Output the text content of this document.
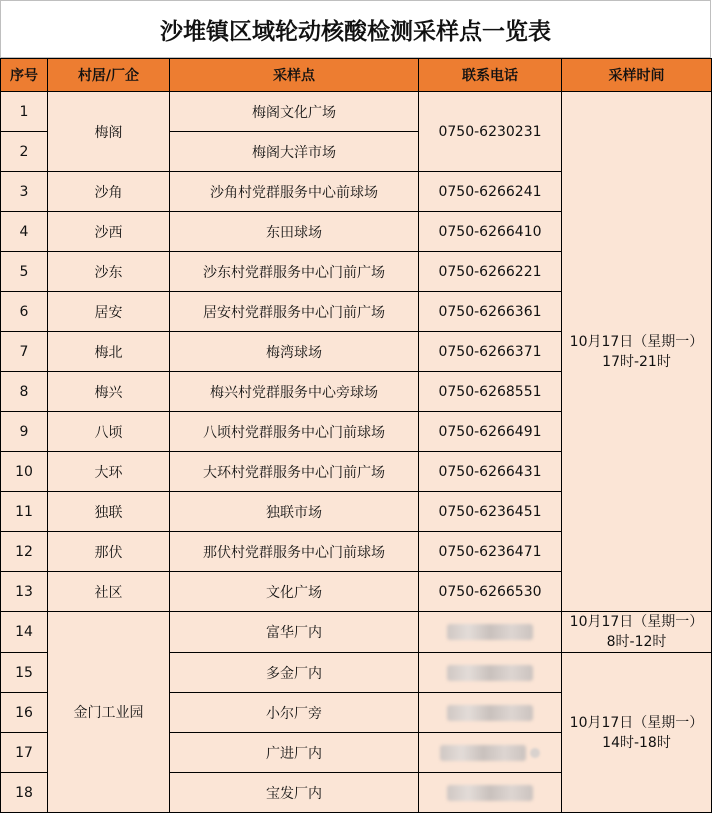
沙堆镇区域轮动核酸检测采样点一览表
序号	村居/厂企	采样点	联系电话	采样时间
1	梅阁	梅阁文化广场	0750-6230231	10月17日（星期一）
17时-21时

2		梅阁大洋市场		
3	沙角	沙角村党群服务中心前球场	0750-6266241	
4	沙西	东田球场	0750-6266410	
5	沙东	沙东村党群服务中心门前广场	0750-6266221	
6	居安	居安村党群服务中心门前广场	0750-6266361	
7	梅北	梅湾球场	0750-6266371	
8	梅兴	梅兴村党群服务中心旁球场	0750-6268551	
9	八顷	八顷村党群服务中心门前球场	0750-6266491	
10	大环	大环村党群服务中心门前广场	0750-6266431	
11	独联	独联市场	0750-6236451	
12	那伏	那伏村党群服务中心门前球场	0750-6236471	
13	社区	文化广场	0750-6266530	
14	金门工业园	富华厂内		10月17日（星期一）
8时-12时

15		多金厂内		10月17日（星期一）
14时-18时

16		小尔厂旁		
17		广进厂内		
18		宝发厂内		
